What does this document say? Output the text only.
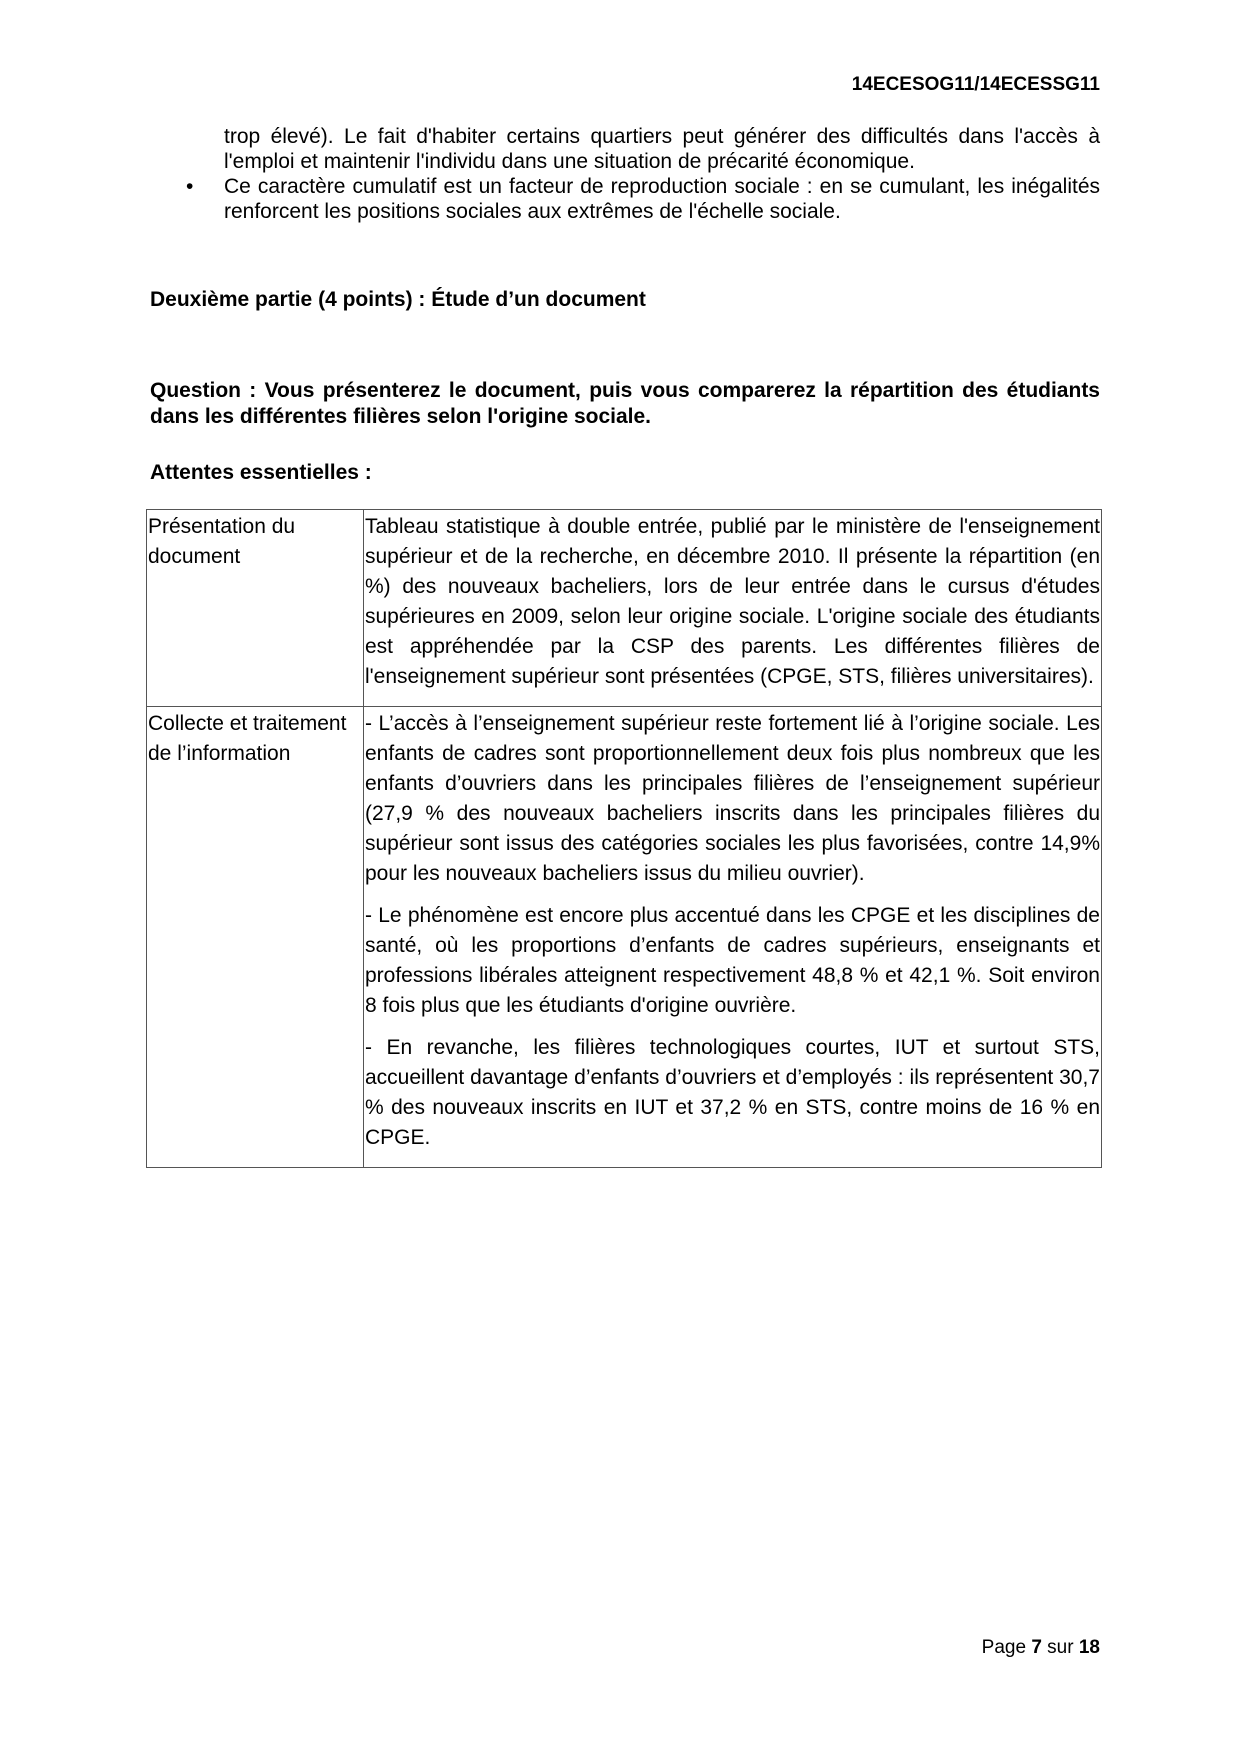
14ECESOG11/14ECESSG11
trop élevé). Le fait d'habiter certains quartiers peut générer des difficultés dans l'accès à l'emploi et maintenir l'individu dans une situation de précarité économique.
•	Ce caractère cumulatif est un facteur de reproduction sociale : en se cumulant, les inégalités renforcent les positions sociales aux extrêmes de l'échelle sociale.
Deuxième partie (4 points) : Étude d’un document
Question : Vous présenterez le document, puis vous comparerez la répartition des étudiants dans les différentes filières selon l'origine sociale.
Attentes essentielles :
Présentation du document	Tableau statistique à double entrée, publié par le ministère de l'enseignement supérieur et de la recherche, en décembre 2010. Il présente la répartition (en %) des nouveaux bacheliers, lors de leur entrée dans le cursus d'études supérieures en 2009, selon leur origine sociale. L'origine sociale des étudiants est appréhendée par la CSP des parents. Les différentes filières de l'enseignement supérieur sont présentées (CPGE, STS, filières universitaires).

Collecte et traitement de l’information	- L’accès à l’enseignement supérieur reste fortement lié à l’origine sociale. Les enfants de cadres sont proportionnellement deux fois plus nombreux que les enfants d’ouvriers dans les principales filières de l’enseignement supérieur (27,9 % des nouveaux bacheliers inscrits dans les principales filières du supérieur sont issus des catégories sociales les plus favorisées, contre 14,9% pour les nouveaux bacheliers issus du milieu ouvrier).

- Le phénomène est encore plus accentué dans les CPGE et les disciplines de santé, où les proportions d’enfants de cadres supérieurs, enseignants et professions libérales atteignent respectivement 48,8 % et 42,1 %. Soit environ 8 fois plus que les étudiants d'origine ouvrière.

- En revanche, les filières technologiques courtes, IUT et surtout STS, accueillent davantage d’enfants d’ouvriers et d’employés : ils représentent 30,7 % des nouveaux inscrits en IUT et 37,2 % en STS, contre moins de 16 % en CPGE.

Page 7 sur 18
